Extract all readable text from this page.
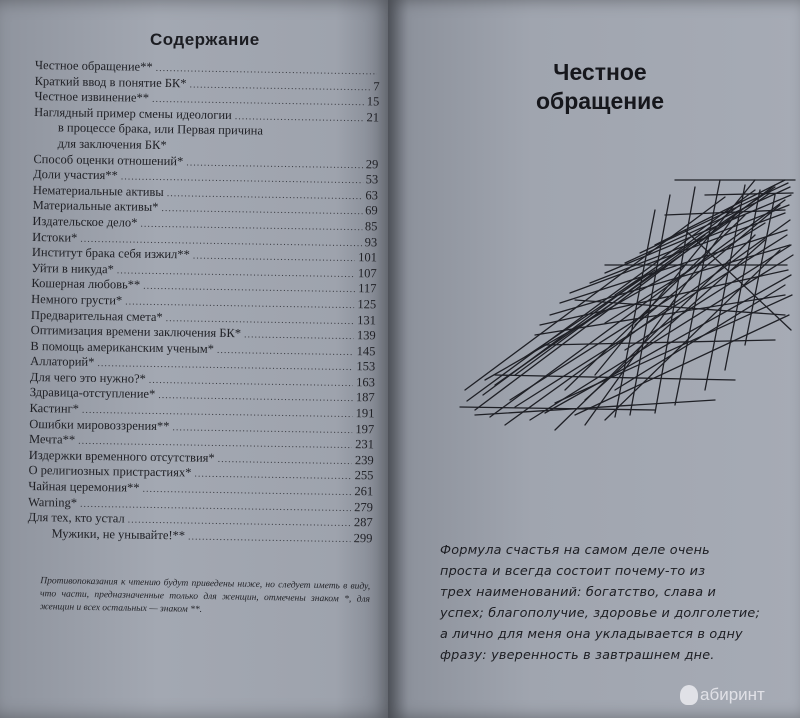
Содержание
Честное обращение**
.....
Краткий ввод в понятие БК* .....	7
Честное извинение** .....	15
Наглядный пример смены идеологии .....	21
в процессе брака, или Первая причина
для заключения БК*
Способ оценки отношений* .....	29
Доли участия** .....	53
Нематериальные активы .....	63
Материальные активы* .....	69
Издательское дело* .....	85
Истоки* .....	93
Институт брака себя изжил** .....	101
Уйти в никуда* .....	107
Кошерная любовь** .....	117
Немного грусти* .....	125
Предварительная смета* .....	131
Оптимизация времени заключения БК* .....	139
В помощь американским ученым* .....	145
Аллаторий* .....	153
Для чего это нужно?* .....	163
Здравица-отступление* .....	187
Кастинг* .....	191
Ошибки мировоззрения** .....	197
Мечта** .....	231
Издержки временного отсутствия* .....	239
О религиозных пристрастиях* .....	255
Чайная церемония** .....	261
Warning* .....	279
Для тех, кто устал .....	287
Мужики, не унывайте!** .....	299
Противопоказания к чтению будут приведены ниже, но следует иметь в виду, что части, предназначенные только для женщин, отмечены знаком *, для женщин и всех остальных — знаком **.
Честное
обращение
Формула счастья на самом деле очень
проста и всегда состоит почему-то из
трех наименований: богатство, слава и
успех; благополучие, здоровье и долголетие;
а лично для меня она укладывается в одну
фразу: уверенность в завтрашнем дне.
абиринт
